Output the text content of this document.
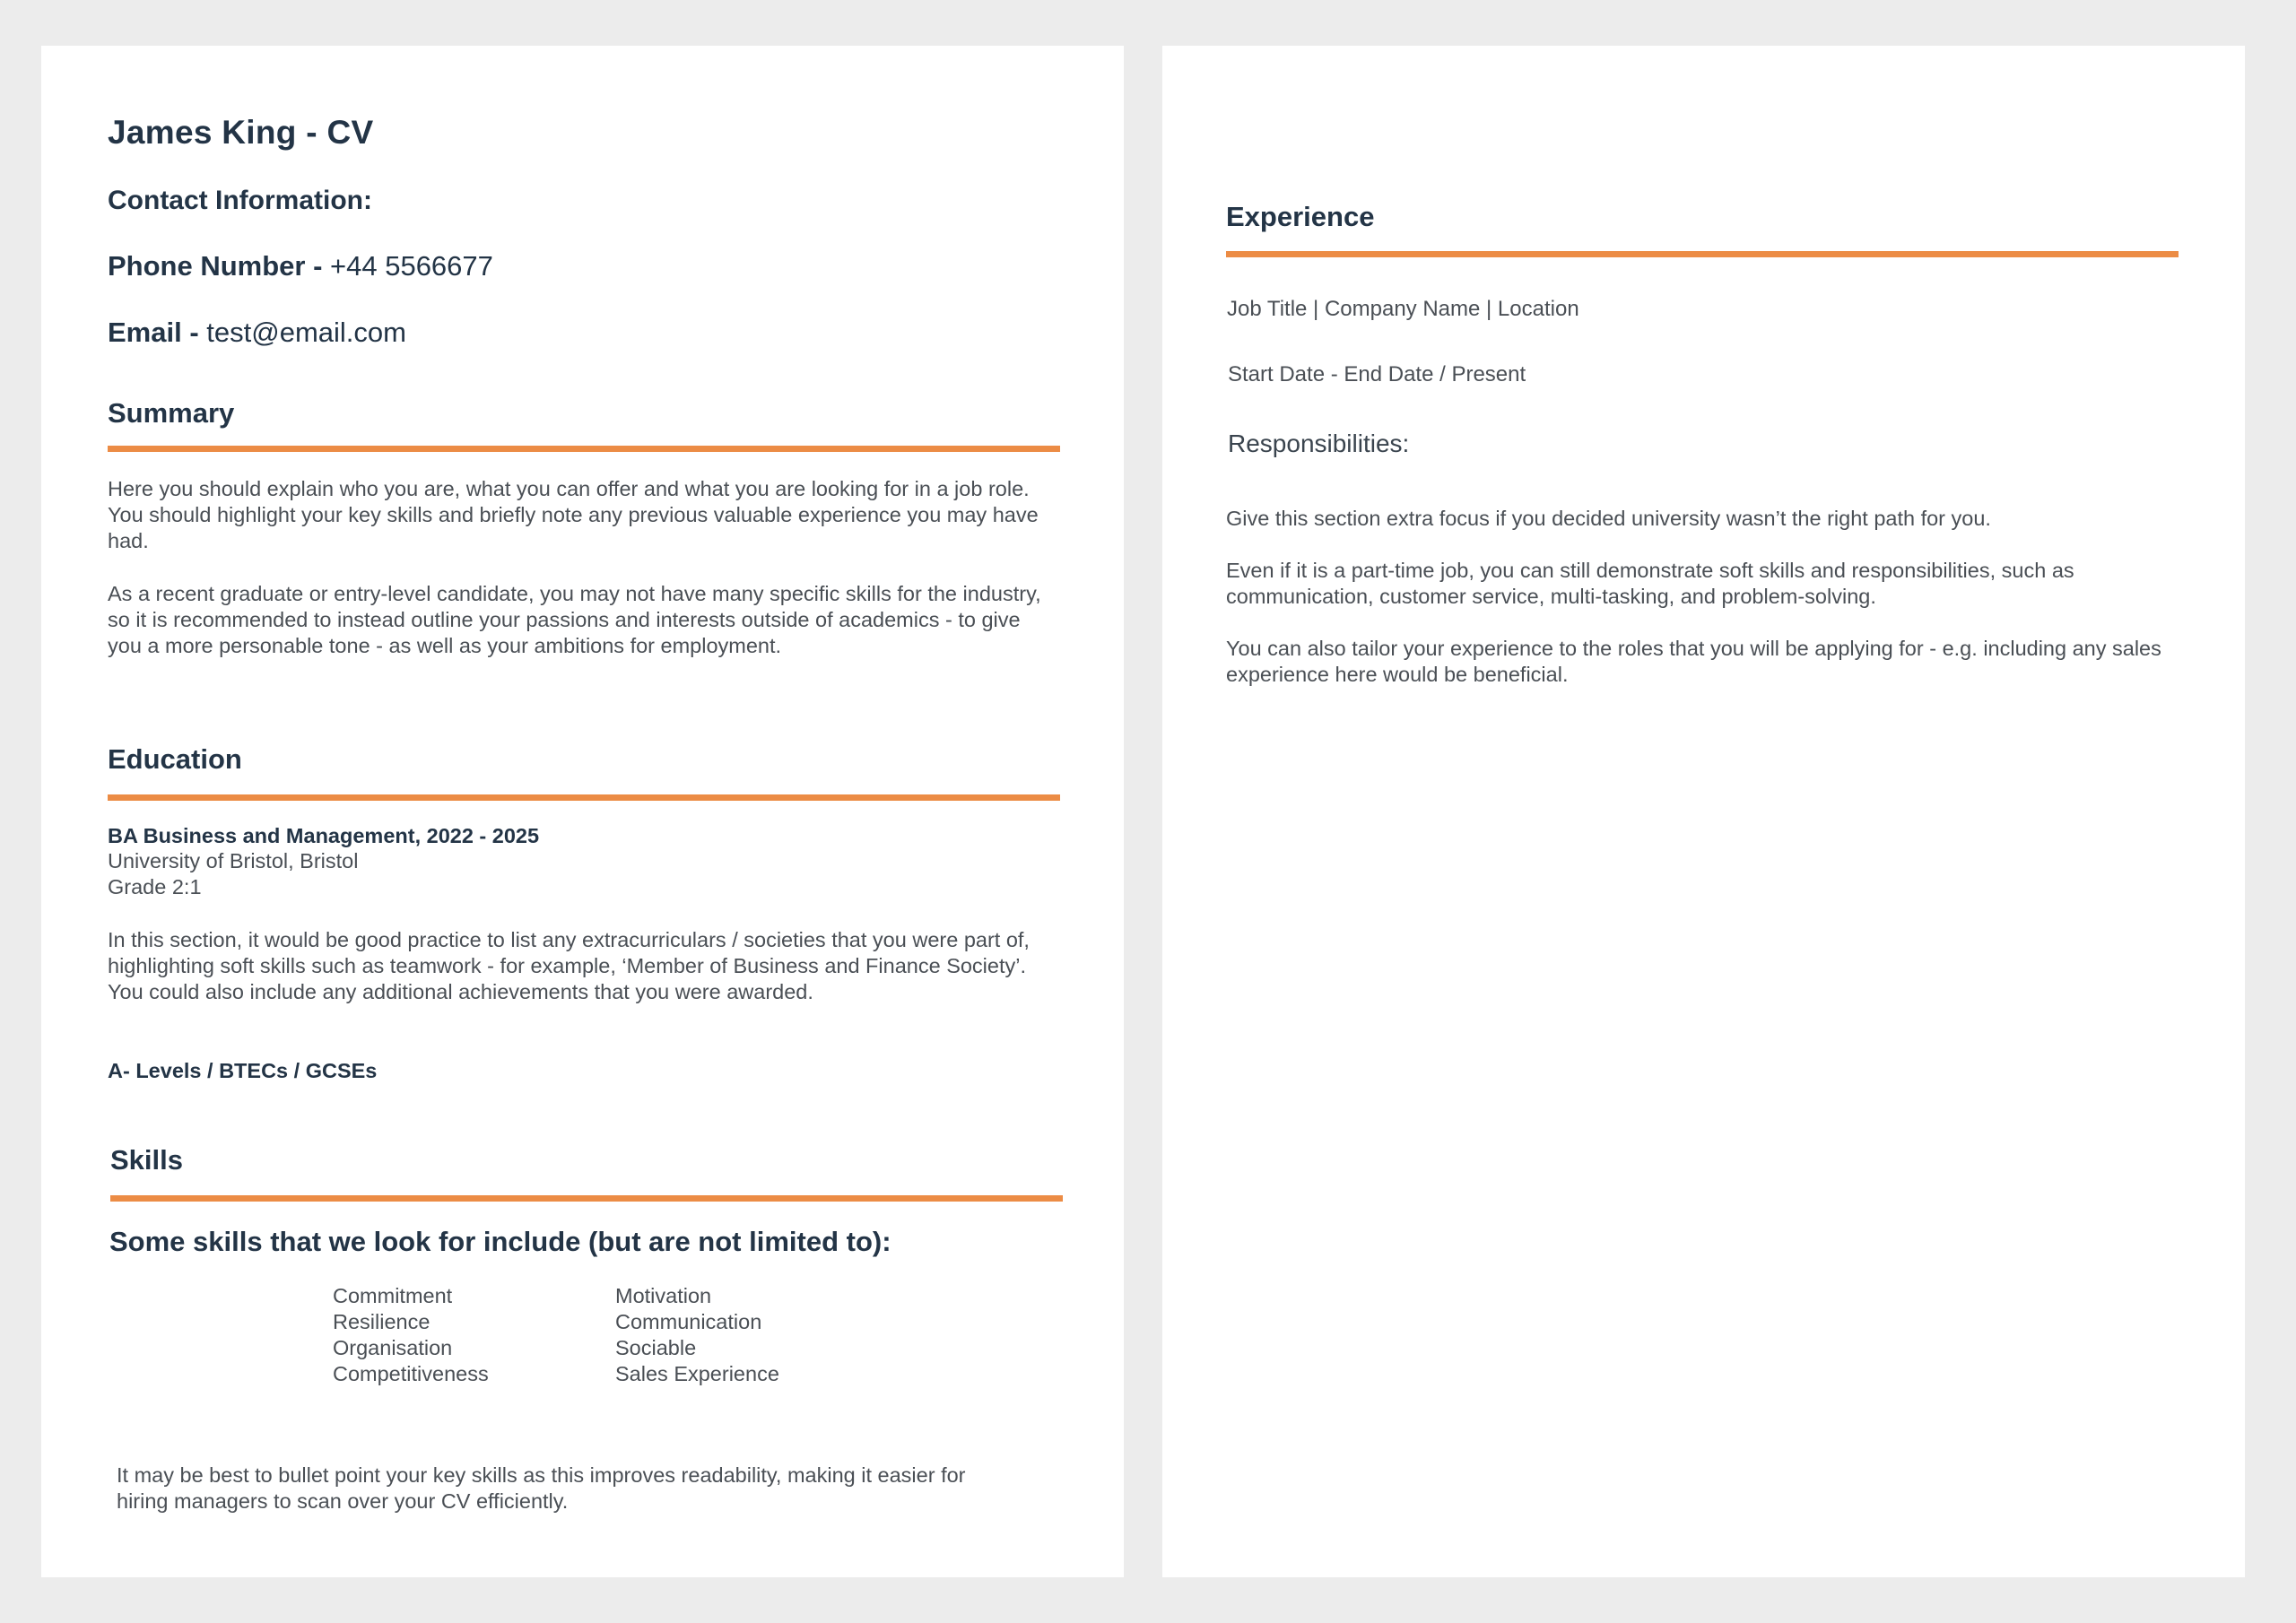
James King - CV
Contact Information:
Phone Number - +44 5566677
Email - test@email.com
Summary

Here you should explain who you are, what you can offer and what you are looking for in a job role. You should highlight your key skills and briefly note any previous valuable experience you may have had.

As a recent graduate or entry-level candidate, you may not have many specific skills for the industry, so it is recommended to instead outline your passions and interests outside of academics - to give you a more personable tone - as well as your ambitions for employment.

Education
BA Business and Management, 2022 - 2025
University of Bristol, Bristol
Grade 2:1

In this section, it would be good practice to list any extracurriculars / societies that you were part of, highlighting soft skills such as teamwork - for example, ‘Member of Business and Finance Society’. You could also include any additional achievements that you were awarded.

A- Levels / BTECs / GCSEs
Skills
Some skills that we look for include (but are not limited to):
Commitment
Resilience
Organisation
Competitiveness
Motivation
Communication
Sociable
Sales Experience

It may be best to bullet point your key skills as this improves readability, making it easier for hiring managers to scan over your CV efficiently.

Experience
Job Title | Company Name | Location
Start Date - End Date / Present
Responsibilities:

Give this section extra focus if you decided university wasn’t the right path for you.

Even if it is a part-time job, you can still demonstrate soft skills and responsibilities, such as communication, customer service, multi-tasking, and problem-solving.

You can also tailor your experience to the roles that you will be applying for - e.g. including any sales experience here would be beneficial.
